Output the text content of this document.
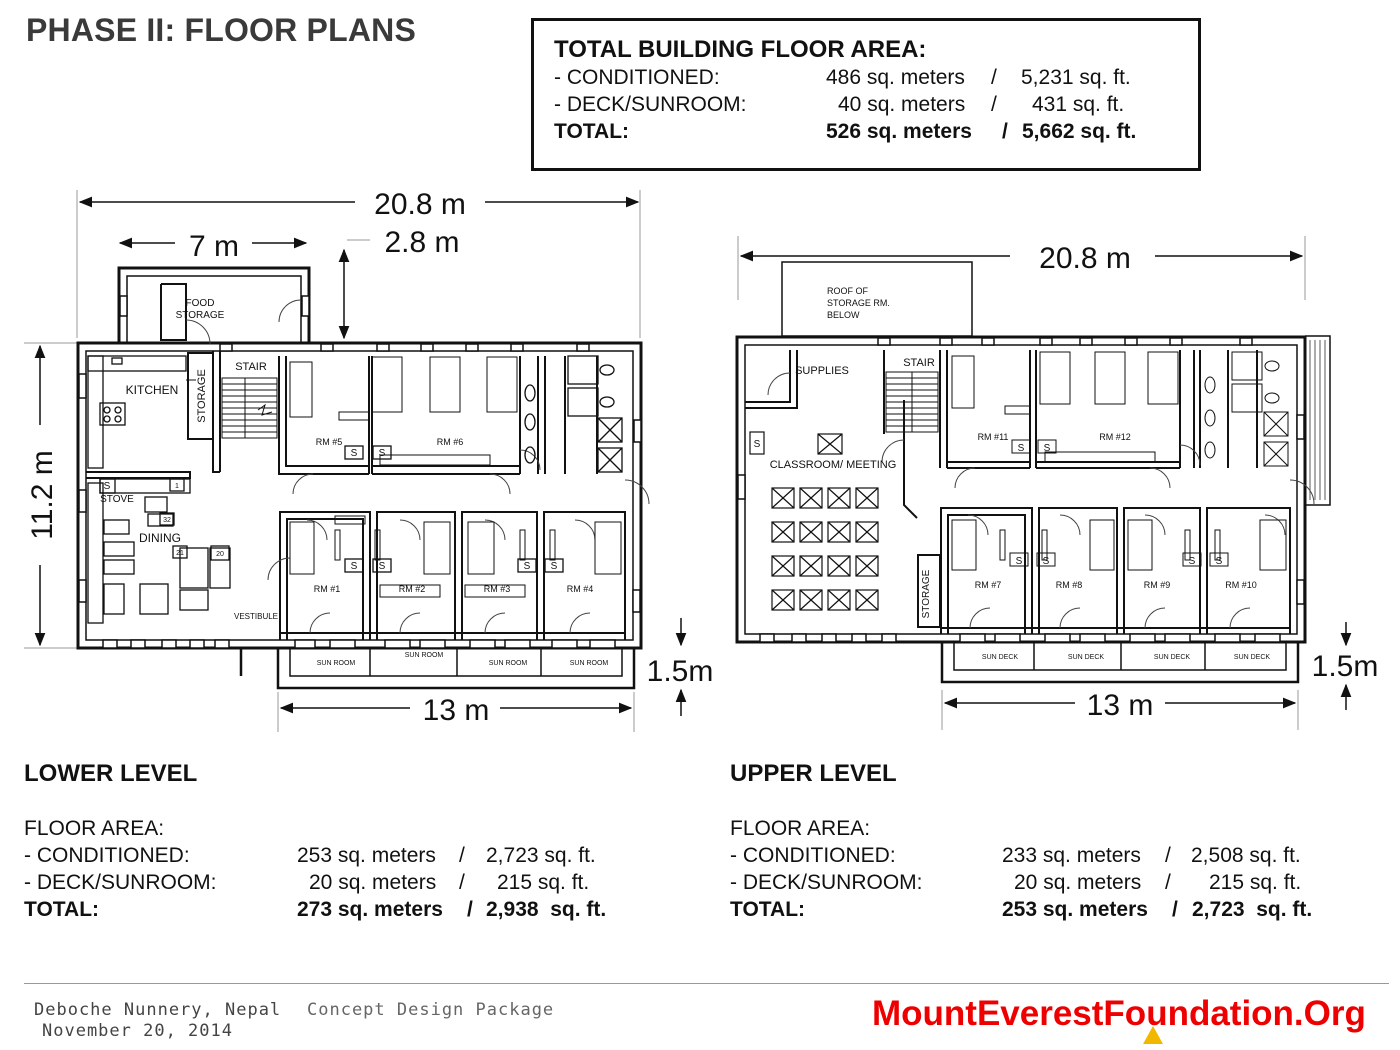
PHASE II: FLOOR PLANS
TOTAL BUILDING FLOOR AREA:
- CONDITIONED:	486 sq. meters / 5,231 sq. ft.
- DECK/SUNROOM:	40 sq. meters / 431 sq. ft.
TOTAL:	526 sq. meters / 5,662 sq. ft.
20.8 m
7 m	2.8 m
11.2 m
1.5m
13 m
FOOD
STORAGE
KITCHEN STORAGE
STAIR
STOVE
DINING
VESTIBULE
RM #5	RM #6
RM #1	RM #2	RM #3	RM #4
SUN ROOM
SUN ROOM
SUN ROOM	SUN ROOM
S S
S S	S S
S	1
32
21	20
20.8 m
1.5m
13 m
ROOF OF
STORAGE RM.
BELOW
SUPPLIES
STAIR
CLASSROOM/ MEETING
STORAGE
RM #11	RM #12
RM #7	RM #8	RM #9	RM #10
SUN DECK	SUN DECK	SUN DECK	SUN DECK
S S
S S	S S
S
LOWER LEVEL
FLOOR AREA:
- CONDITIONED:	253 sq. meters / 2,723 sq. ft.
- DECK/SUNROOM:	20 sq. meters / 215 sq. ft.
TOTAL:	273 sq. meters / 2,938  sq. ft.
UPPER LEVEL
FLOOR AREA:
- CONDITIONED:	233 sq. meters / 2,508 sq. ft.
- DECK/SUNROOM:	20 sq. meters / 215 sq. ft.
TOTAL:	253 sq. meters / 2,723  sq. ft.
Deboche Nunnery, Nepal Concept Design Package
November 20, 2014	MountEverestFoundation.Org
